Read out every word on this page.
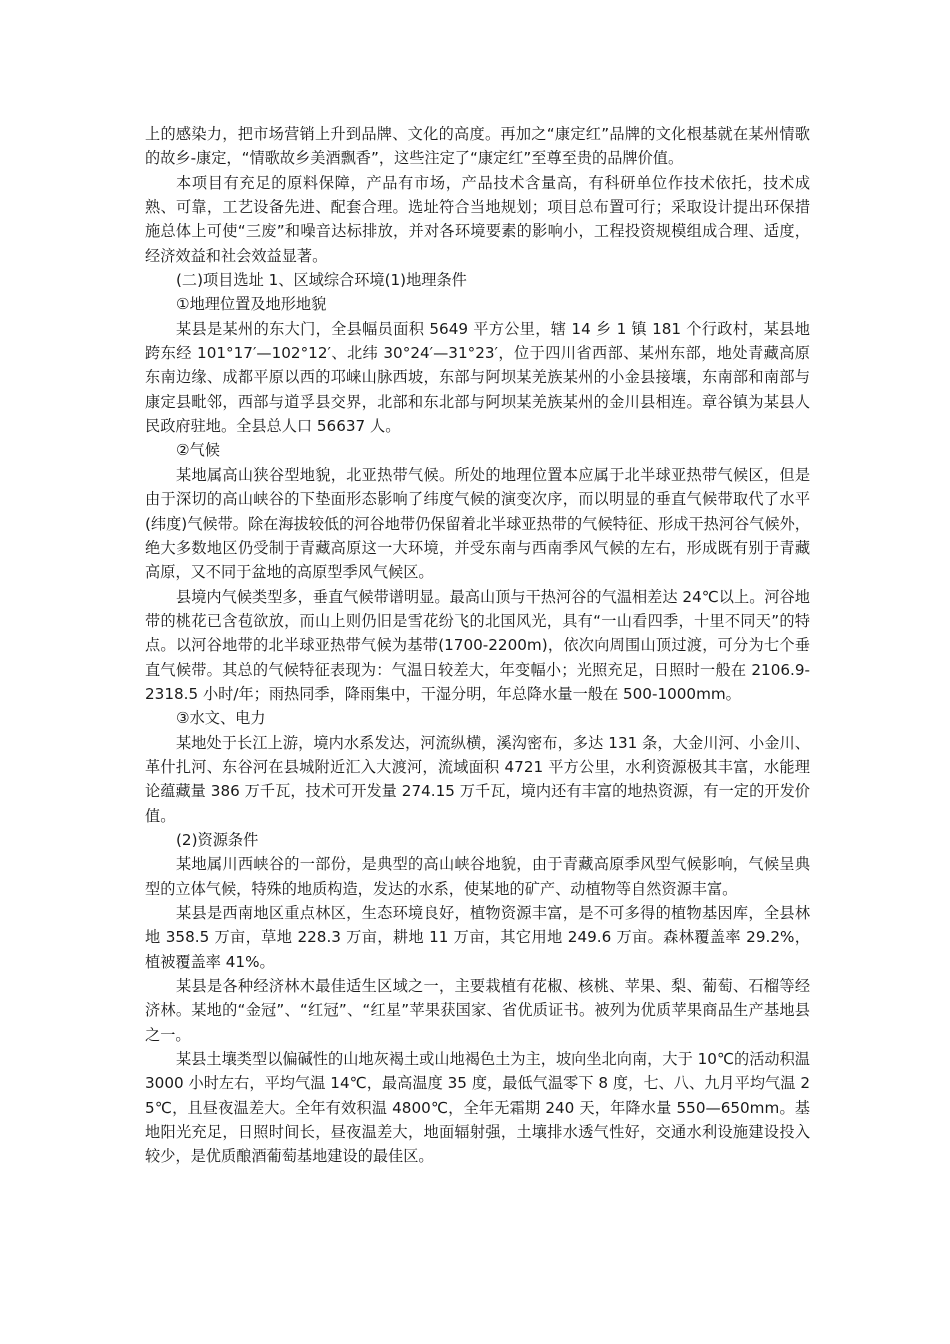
上的感染力，把市场营销上升到品牌、文化的高度。再加之“康定红”品牌的文化根基就在某州情歌的故乡-康定，“情歌故乡美酒飘香”，这些注定了“康定红”至尊至贵的品牌价值。

本项目有充足的原料保障，产品有市场，产品技术含量高，有科研单位作技术依托，技术成熟、可靠，工艺设备先进、配套合理。选址符合当地规划；项目总布置可行；采取设计提出环保措施总体上可使“三废”和噪音达标排放，并对各环境要素的影响小，工程投资规模组成合理、适度，经济效益和社会效益显著。

(二)项目选址 1、区域综合环境(1)地理条件

①地理位置及地形地貌

某县是某州的东大门，全县幅员面积 5649 平方公里，辖 14 乡 1 镇 181 个行政村，某县地跨东经 101°17′—102°12′、北纬 30°24′—31°23′，位于四川省西部、某州东部，地处青藏高原东南边缘、成都平原以西的邛崃山脉西坡，东部与阿坝某羌族某州的小金县接壤，东南部和南部与康定县毗邻，西部与道孚县交界，北部和东北部与阿坝某羌族某州的金川县相连。章谷镇为某县人民政府驻地。全县总人口 56637 人。

②气候

某地属高山狭谷型地貌，北亚热带气候。所处的地理位置本应属于北半球亚热带气候区，但是由于深切的高山峡谷的下垫面形态影响了纬度气候的演变次序，而以明显的垂直气候带取代了水平(纬度)气候带。除在海拔较低的河谷地带仍保留着北半球亚热带的气候特征、形成干热河谷气候外，绝大多数地区仍受制于青藏高原这一大环境，并受东南与西南季风气候的左右，形成既有别于青藏高原，又不同于盆地的高原型季风气候区。

县境内气候类型多，垂直气候带谱明显。最高山顶与干热河谷的气温相差达 24℃以上。河谷地带的桃花已含苞欲放，而山上则仍旧是雪花纷飞的北国风光，具有“一山看四季，十里不同天”的特点。以河谷地带的北半球亚热带气候为基带(1700-2200m)，依次向周围山顶过渡，可分为七个垂直气候带。其总的气候特征表现为：气温日较差大，年变幅小；光照充足，日照时一般在 2106.9-2318.5 小时/年；雨热同季，降雨集中，干湿分明，年总降水量一般在 500-1000mm。

③水文、电力

某地处于长江上游，境内水系发达，河流纵横，溪沟密布，多达 131 条，大金川河、小金川、革什扎河、东谷河在县城附近汇入大渡河，流域面积 4721 平方公里，水利资源极其丰富，水能理论蕴藏量 386 万千瓦，技术可开发量 274.15 万千瓦，境内还有丰富的地热资源，有一定的开发价值。

(2)资源条件

某地属川西峡谷的一部份，是典型的高山峡谷地貌，由于青藏高原季风型气候影响，气候呈典型的立体气候，特殊的地质构造，发达的水系，使某地的矿产、动植物等自然资源丰富。

某县是西南地区重点林区，生态环境良好，植物资源丰富，是不可多得的植物基因库，全县林地 358.5 万亩，草地 228.3 万亩，耕地 11 万亩，其它用地 249.6 万亩。森林覆盖率 29.2%，植被覆盖率 41%。

某县是各种经济林木最佳适生区域之一，主要栽植有花椒、核桃、苹果、梨、葡萄、石榴等经济林。某地的“金冠”、“红冠”、“红星”苹果获国家、省优质证书。被列为优质苹果商品生产基地县之一。

某县土壤类型以偏碱性的山地灰褐土或山地褐色土为主，坡向坐北向南，大于 10℃的活动积温 3000 小时左右，平均气温 14℃，最高温度 35 度，最低气温零下 8 度，七、八、九月平均气温 25℃，且昼夜温差大。全年有效积温 4800℃，全年无霜期 240 天，年降水量 550—650mm。基地阳光充足，日照时间长，昼夜温差大，地面辐射强，土壤排水透气性好，交通水利设施建设投入较少，是优质酿酒葡萄基地建设的最佳区。
